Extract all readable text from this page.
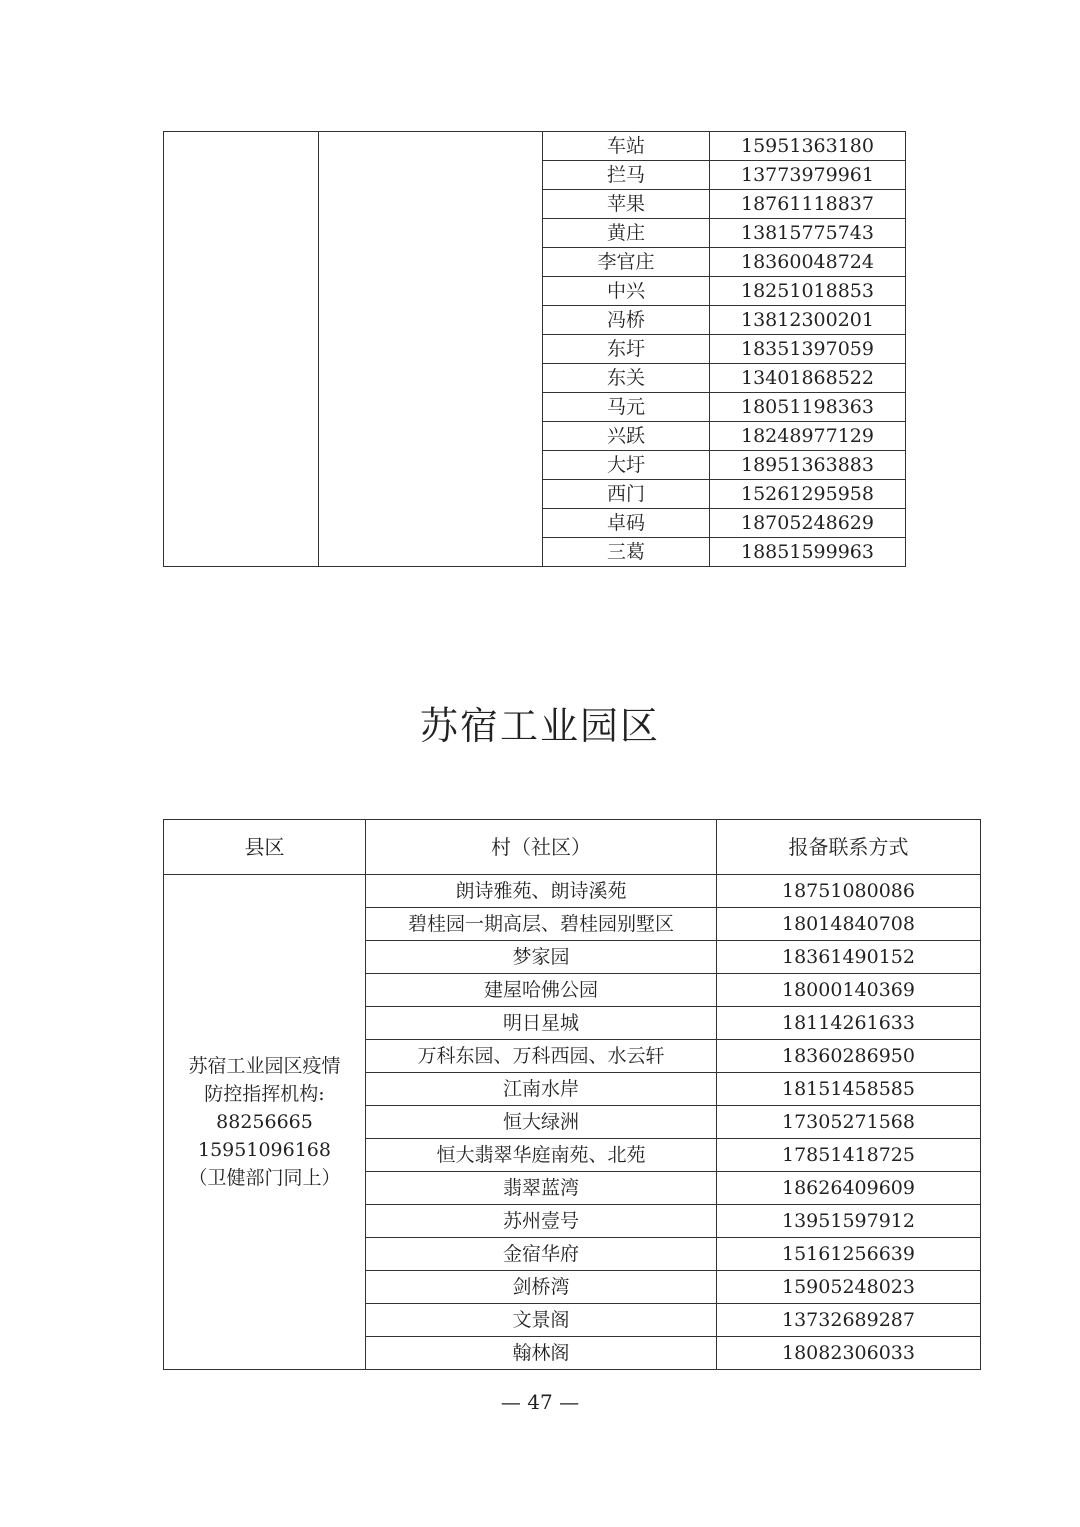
		车站	15951363180
		拦马	13773979961
		苹果	18761118837
		黄庄	13815775743
		李官庄	18360048724
		中兴	18251018853
		冯桥	13812300201
		东圩	18351397059
		东关	13401868522
		马元	18051198363
		兴跃	18248977129
		大圩	18951363883
		西门	15261295958
		卓码	18705248629
		三葛	18851599963
苏宿工业园区
县区	村（社区）	报备联系方式

苏宿工业园区疫情
防控指挥机构:
88256665
15951096168
（卫健部门同上）	朗诗雅苑、朗诗溪苑	18751080086
	碧桂园一期高层、碧桂园别墅区	18014840708
	梦家园	18361490152
	建屋哈佛公园	18000140369
	明日星城	18114261633
	万科东园、万科西园、水云轩	18360286950
	江南水岸	18151458585
	恒大绿洲	17305271568
	恒大翡翠华庭南苑、北苑	17851418725
	翡翠蓝湾	18626409609
	苏州壹号	13951597912
	金宿华府	15161256639
	剑桥湾	15905248023
	文景阁	13732689287
	翰林阁	18082306033
— 47 —
